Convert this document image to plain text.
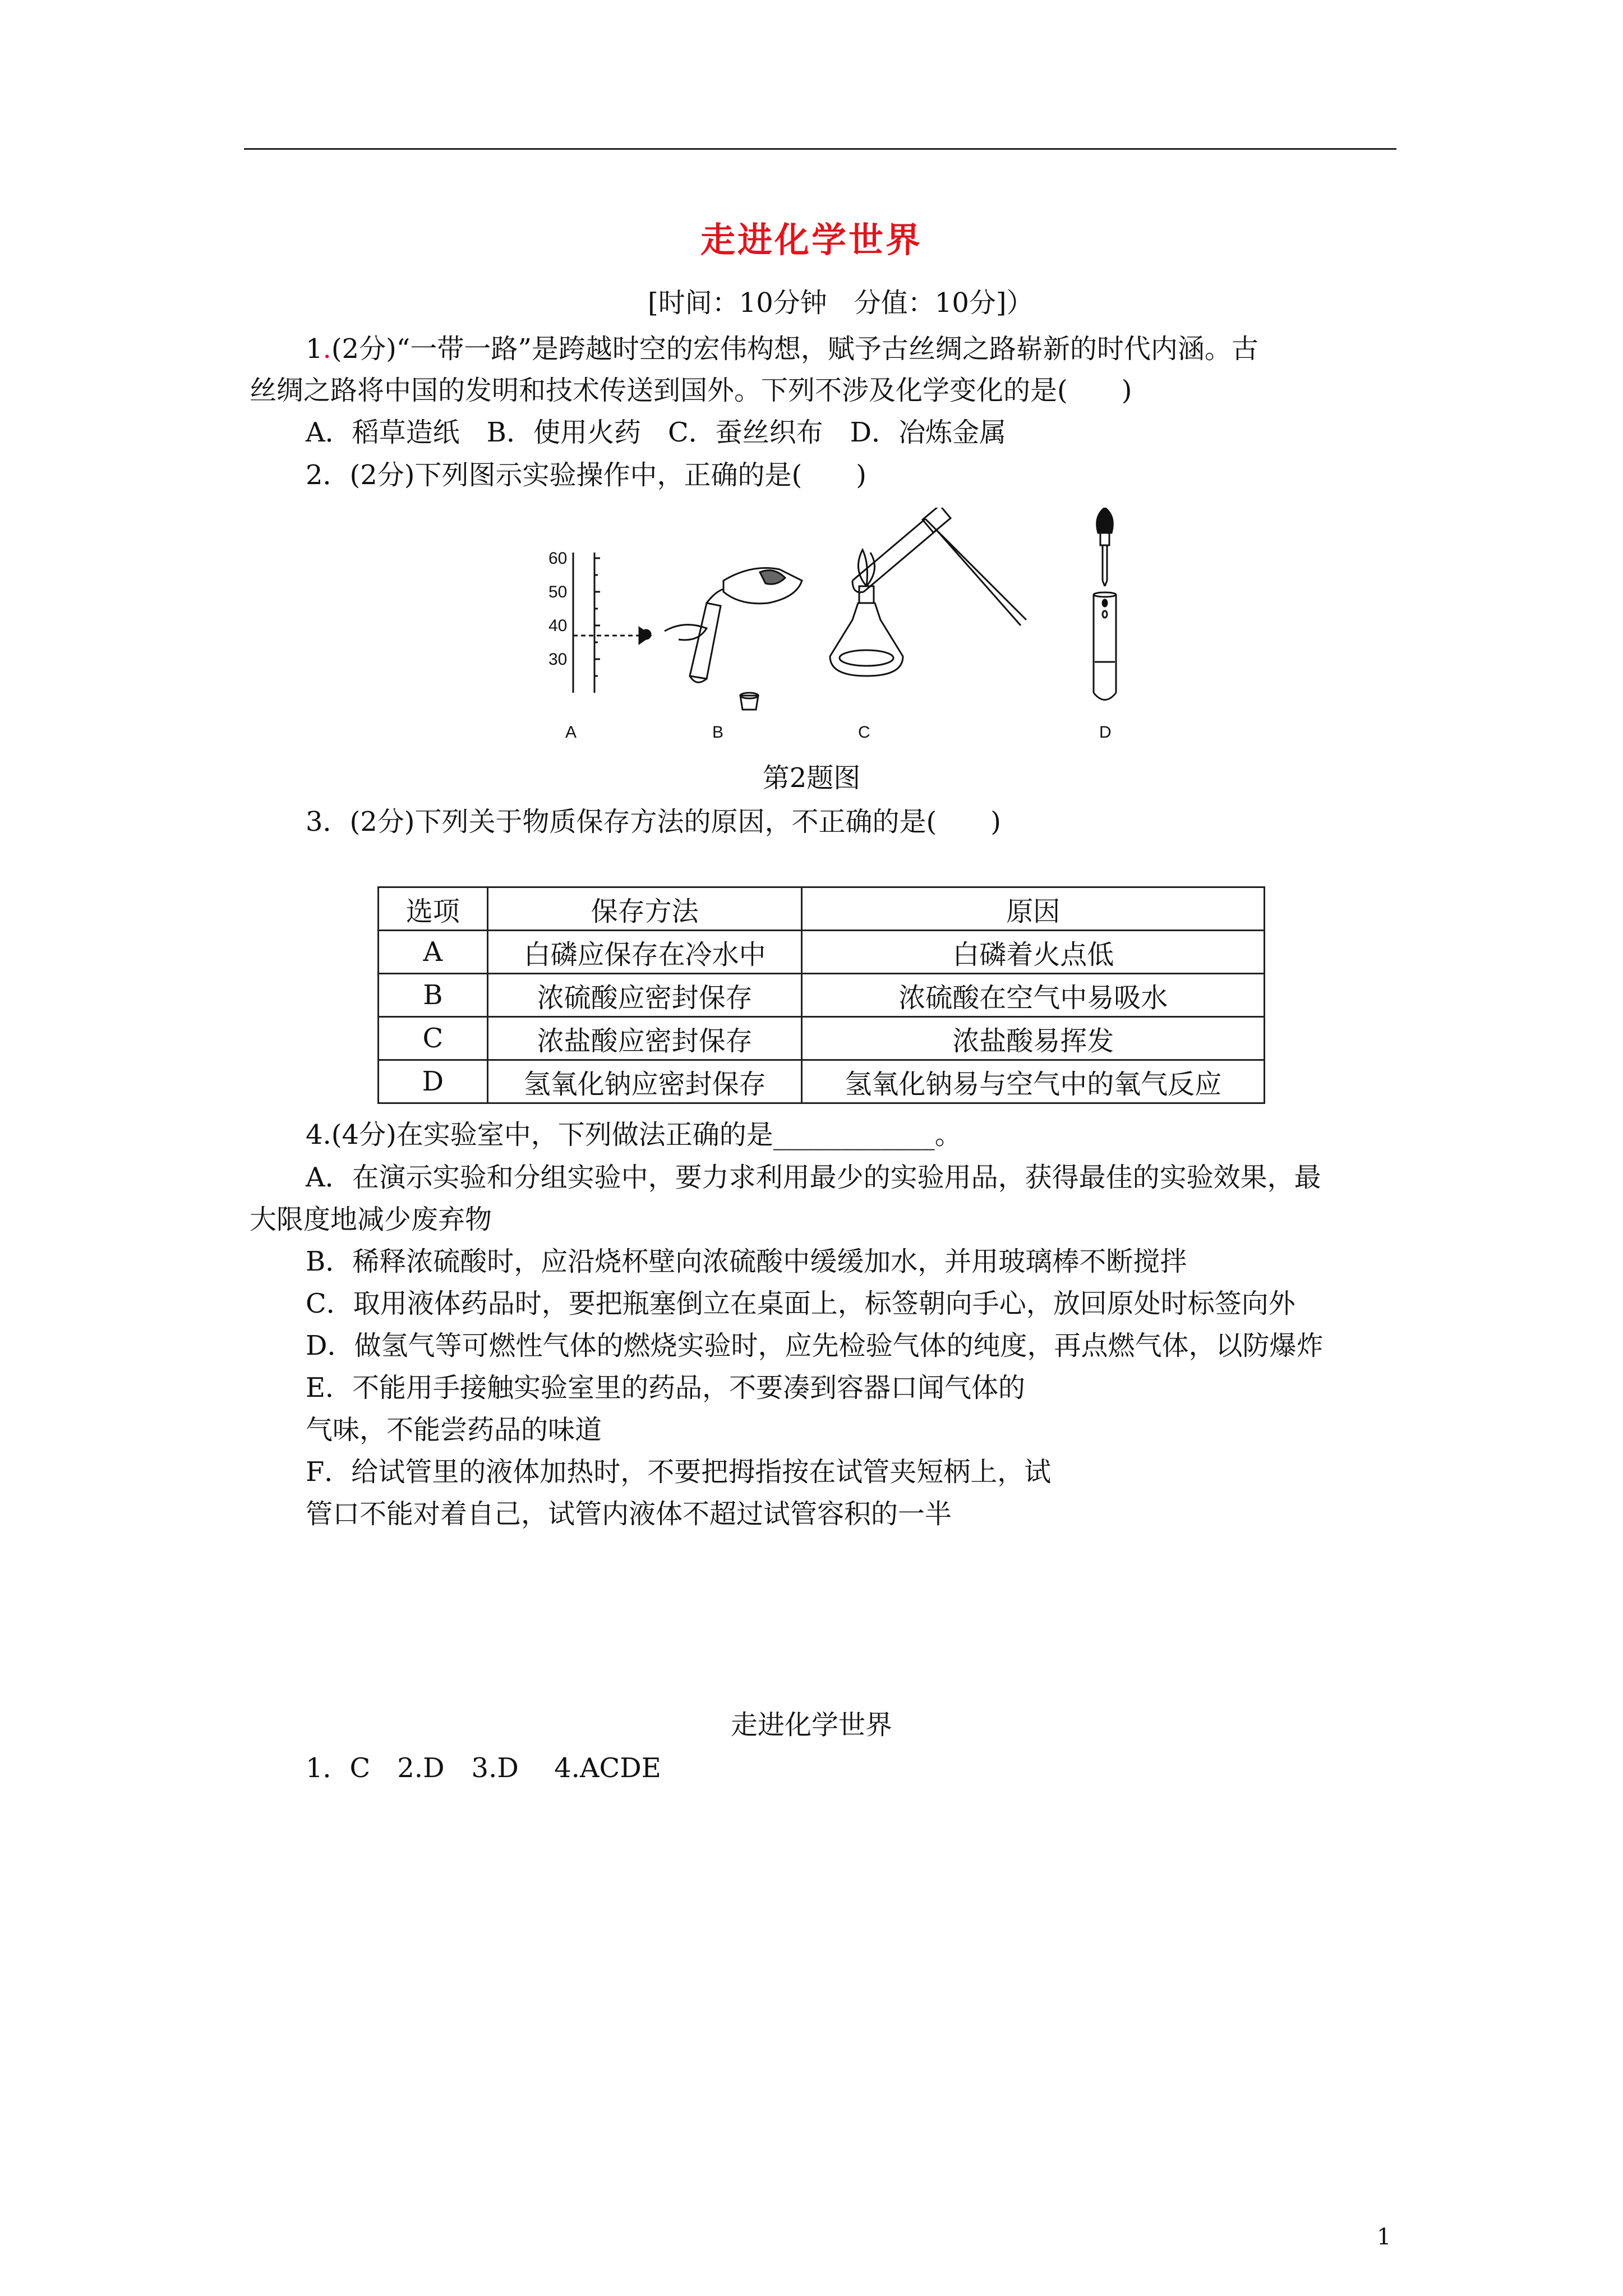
走进化学世界
[时间：10分钟　分值：10分]）
1.(2分)“一带一路”是跨越时空的宏伟构想，赋予古丝绸之路崭新的时代内涵。古
丝绸之路将中国的发明和技术传送到国外。下列不涉及化学变化的是(　　)
A．稻草造纸　B．使用火药　C．蚕丝织布　D．冶炼金属
2．(2分)下列图示实验操作中，正确的是(　　)
60
50
40
30
A	B	C	D
第2题图
3．(2分)下列关于物质保存方法的原因，不正确的是(　　)
选项	保存方法	原因
A	白磷应保存在冷水中	白磷着火点低
B	浓硫酸应密封保存	浓硫酸在空气中易吸水
C	浓盐酸应密封保存	浓盐酸易挥发
D	氢氧化钠应密封保存	氢氧化钠易与空气中的氧气反应
4.(4分)在实验室中，下列做法正确的是____________。
A．在演示实验和分组实验中，要力求利用最少的实验用品，获得最佳的实验效果，最
大限度地减少废弃物
B．稀释浓硫酸时，应沿烧杯壁向浓硫酸中缓缓加水，并用玻璃棒不断搅拌
C．取用液体药品时，要把瓶塞倒立在桌面上，标签朝向手心，放回原处时标签向外
D．做氢气等可燃性气体的燃烧实验时，应先检验气体的纯度，再点燃气体，以防爆炸
E．不能用手接触实验室里的药品，不要凑到容器口闻气体的
气味，不能尝药品的味道
F．给试管里的液体加热时，不要把拇指按在试管夹短柄上，试
管口不能对着自己，试管内液体不超过试管容积的一半
走进化学世界
1．C　2.D　3.D　 4.ACDE
1
